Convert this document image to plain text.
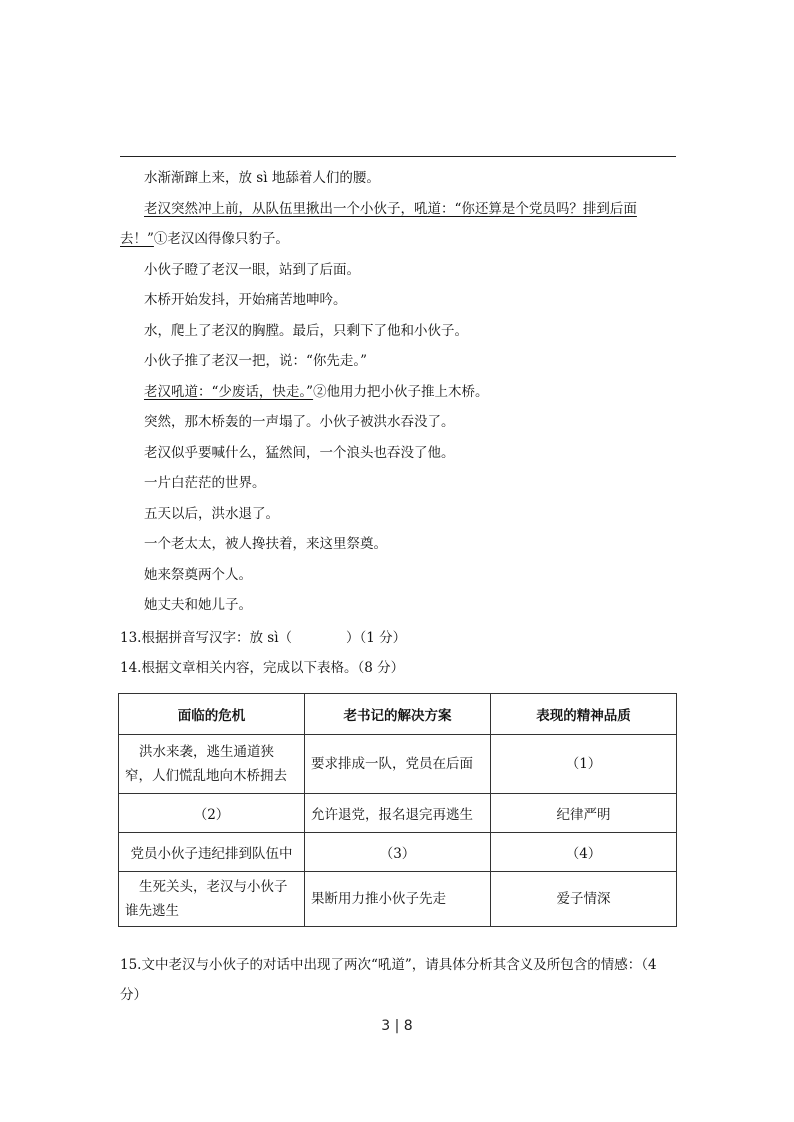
水渐渐蹿上来，放 sì 地舔着人们的腰。

老汉突然冲上前，从队伍里揪出一个小伙子，吼道：“你还算是个党员吗？排到后面去！”①老汉凶得像只豹子。

小伙子瞪了老汉一眼，站到了后面。

木桥开始发抖，开始痛苦地呻吟。

水，爬上了老汉的胸膛。最后，只剩下了他和小伙子。

小伙子推了老汉一把，说：“你先走。”

老汉吼道：“少废话，快走。”②他用力把小伙子推上木桥。

突然，那木桥轰的一声塌了。小伙子被洪水吞没了。

老汉似乎要喊什么，猛然间，一个浪头也吞没了他。

一片白茫茫的世界。

五天以后，洪水退了。

一个老太太，被人搀扶着，来这里祭奠。

她来祭奠两个人。

她丈夫和她儿子。

13.根据拼音写汉字：放 sì（　　　　）（1 分）

14.根据文章相关内容，完成以下表格。（8 分）

面临的危机	老书记的解决方案	表现的精神品质
洪水来袭，逃生通道狭窄，人们慌乱地向木桥拥去	要求排成一队，党员在后面	（1）
（2）	允许退党，报名退完再逃生	纪律严明
党员小伙子违纪排到队伍中	（3）	（4）
生死关头，老汉与小伙子谁先逃生	果断用力推小伙子先走	爱子情深

15.文中老汉与小伙子的对话中出现了两次“吼道”，请具体分析其含义及所包含的情感：（4 分）

3 | 8
